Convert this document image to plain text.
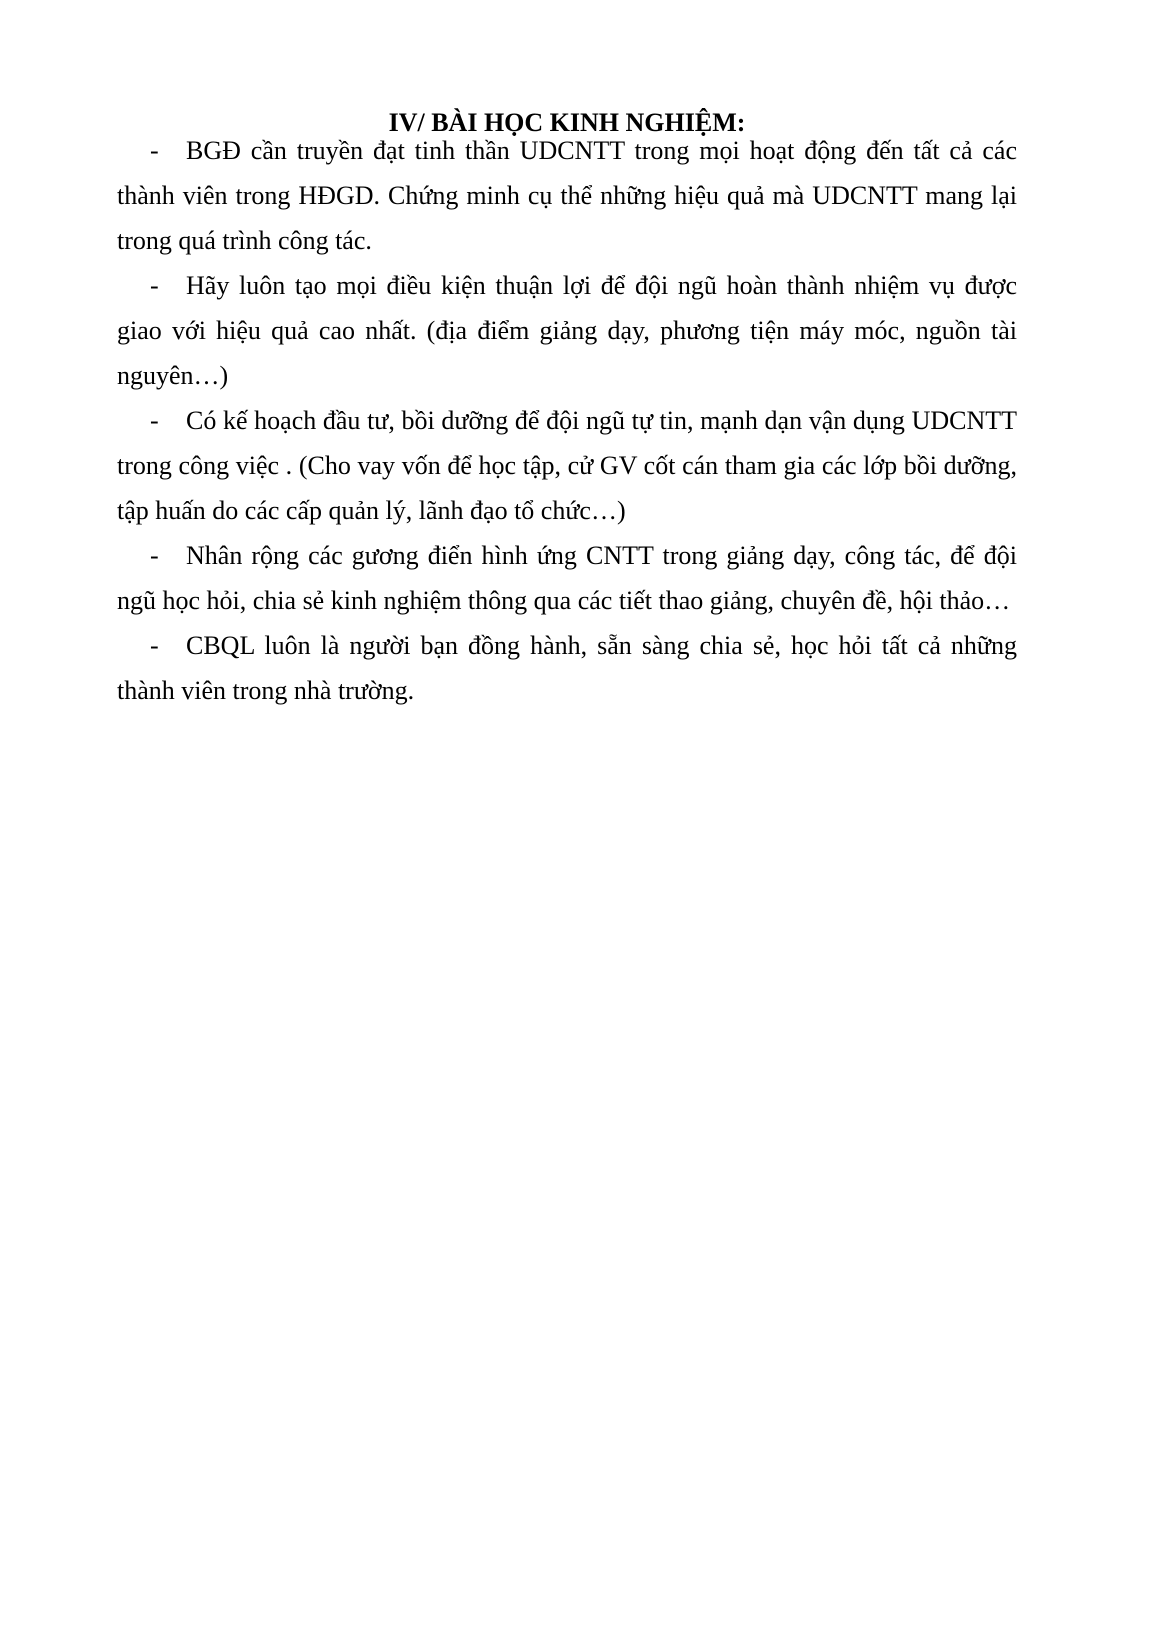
IV/ BÀI HỌC KINH NGHIỆM:

- BGĐ cần truyền đạt tinh thần UDCNTT trong mọi hoạt động đến tất cả các thành viên trong HĐGD. Chứng minh cụ thể những hiệu quả mà UDCNTT mang lại trong quá trình công tác.

- Hãy luôn tạo mọi điều kiện thuận lợi để đội ngũ hoàn thành nhiệm vụ được giao với hiệu quả cao nhất. (địa điểm giảng dạy, phương tiện máy móc, nguồn tài nguyên…)

- Có kế hoạch đầu tư, bồi dưỡng để đội ngũ tự tin, mạnh dạn vận dụng UDCNTT trong công việc . (Cho vay vốn để học tập, cử GV cốt cán tham gia các lớp bồi dưỡng, tập huấn do các cấp quản lý, lãnh đạo tổ chức…)

- Nhân rộng các gương điển hình ứng CNTT trong giảng dạy, công tác, để đội ngũ học hỏi, chia sẻ kinh nghiệm thông qua các tiết thao giảng, chuyên đề, hội thảo…

- CBQL luôn là người bạn đồng hành, sẵn sàng chia sẻ, học hỏi tất cả những thành viên trong nhà trường.
